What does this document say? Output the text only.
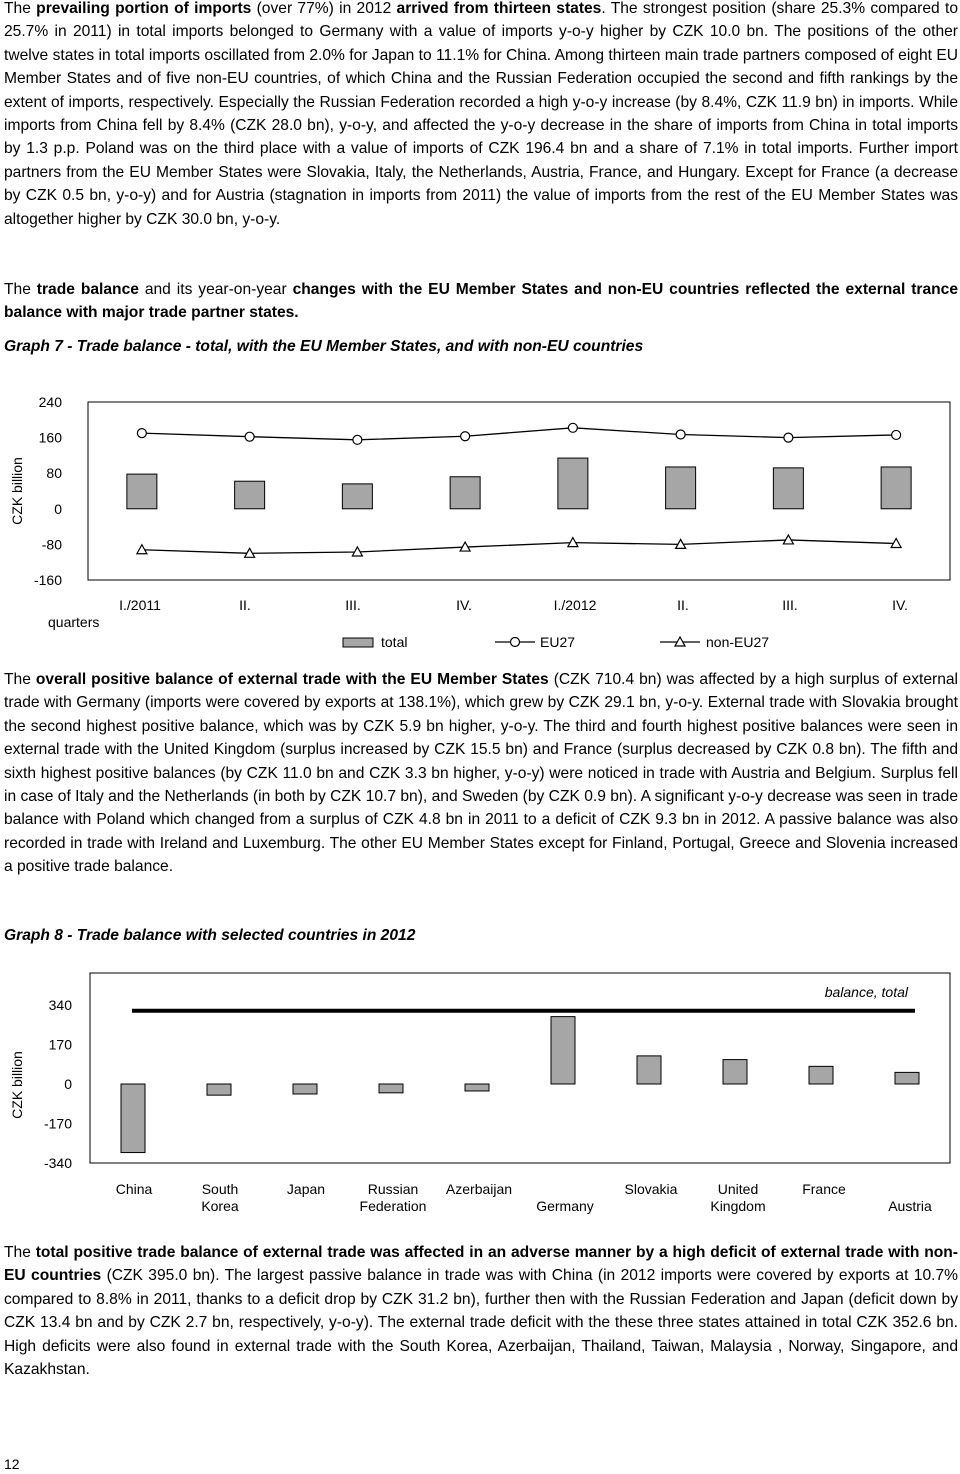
The prevailing portion of imports (over 77%) in 2012 arrived from thirteen states. The strongest position (share 25.3% compared to 25.7% in 2011) in total imports belonged to Germany with a value of imports y-o-y higher by CZK 10.0 bn. The positions of the other twelve states in total imports oscillated from 2.0% for Japan to 11.1% for China. Among thirteen main trade partners composed of eight EU Member States and of five non-EU countries, of which China and the Russian Federation occupied the second and fifth rankings by the extent of imports, respectively. Especially the Russian Federation recorded a high y-o-y increase (by 8.4%, CZK 11.9 bn) in imports. While imports from China fell by 8.4% (CZK 28.0 bn), y-o-y, and affected the y-o-y decrease in the share of imports from China in total imports by 1.3 p.p. Poland was on the third place with a value of imports of CZK 196.4 bn and a share of 7.1% in total imports. Further import partners from the EU Member States were Slovakia, Italy, the Netherlands, Austria, France, and Hungary. Except for France (a decrease by CZK 0.5 bn, y-o-y) and for Austria (stagnation in imports from 2011) the value of imports from the rest of the EU Member States was altogether higher by CZK 30.0 bn, y-o-y.

The trade balance and its year-on-year changes with the EU Member States and non-EU countries reflected the external trance balance with major trade partner states.

Graph 7 - Trade balance - total, with the EU Member States, and with non-EU countries

240
160
80
0
-80
-160
CZK billion
I./2011	II.	III.	IV.	I./2012	II.	III.	IV.
quarters
total	EU27	non-EU27

The overall positive balance of external trade with the EU Member States (CZK 710.4 bn) was affected by a high surplus of external trade with Germany (imports were covered by exports at 138.1%), which grew by CZK 29.1 bn, y-o-y. External trade with Slovakia brought the second highest positive balance, which was by CZK 5.9 bn higher, y-o-y. The third and fourth highest positive balances were seen in external trade with the United Kingdom (surplus increased by CZK 15.5 bn) and France (surplus decreased by CZK 0.8 bn). The fifth and sixth highest positive balances (by CZK 11.0 bn and CZK 3.3 bn higher, y-o-y) were noticed in trade with Austria and Belgium. Surplus fell in case of Italy and the Netherlands (in both by CZK 10.7 bn), and Sweden (by CZK 0.9 bn). A significant y-o-y decrease was seen in trade balance with Poland which changed from a surplus of CZK 4.8 bn in 2011 to a deficit of CZK 9.3 bn in 2012. A passive balance was also recorded in trade with Ireland and Luxemburg. The other EU Member States except for Finland, Portugal, Greece and Slovenia increased a positive trade balance.

Graph 8 - Trade balance with selected countries in 2012

340
170
0
-170
-340
CZK billion
balance, total
China	South
Korea
Japan	Russian
Federation
Azerbaijan
Germany
Slovakia	United
Kingdom
France
Austria

The total positive trade balance of external trade was affected in an adverse manner by a high deficit of external trade with non-EU countries (CZK 395.0 bn). The largest passive balance in trade was with China (in 2012 imports were covered by exports at 10.7% compared to 8.8% in 2011, thanks to a deficit drop by CZK 31.2 bn), further then with the Russian Federation and Japan (deficit down by CZK 13.4 bn and by CZK 2.7 bn, respectively, y-o-y). The external trade deficit with the these three states attained in total CZK 352.6 bn. High deficits were also found in external trade with the South Korea, Azerbaijan, Thailand, Taiwan, Malaysia , Norway, Singapore, and Kazakhstan.

12
